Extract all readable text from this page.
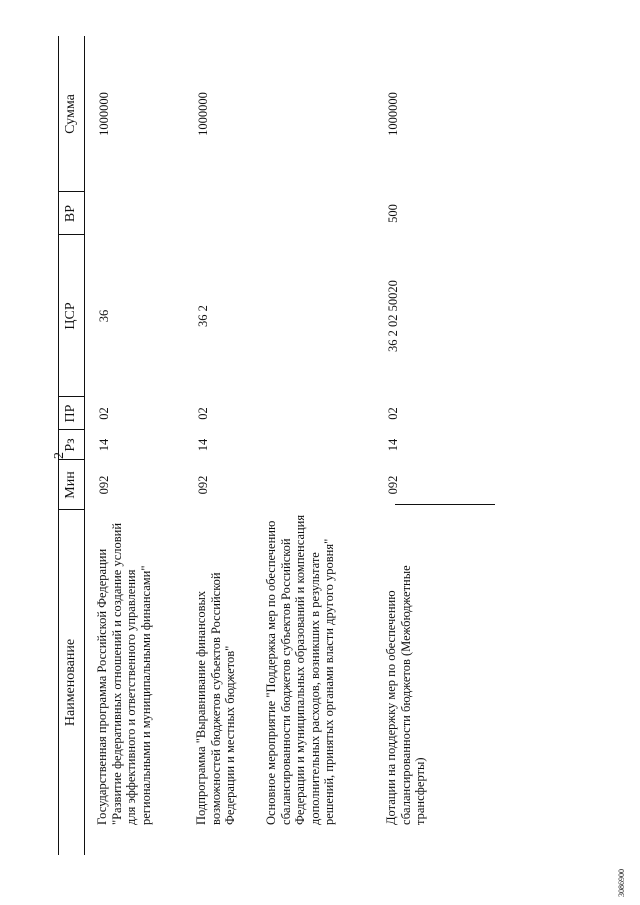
2
Наименование
Мин
Рз
ПР
ЦСР
ВР
Сумма
Государственная программа Российской Федерации "Развитие федеративных отношений и создание условий для эффективного и ответственного управления региональными и муниципальными финансами"
092
14
02
36
1000000
Подпрограмма "Выравнивание финансовых возможностей бюджетов субъектов Российской Федерации и местных бюджетов"
092
14
02
36 2
1000000
Основное мероприятие "Поддержка мер по обеспечению сбалансированности бюджетов субъектов Российской Федерации и муниципальных образований и компенсация дополнительных расходов, возникших в результате решений, принятых органами власти другого уровня"	Дотации на поддержку мер по обеспечению сбалансированности бюджетов (Межбюджетные трансферты)
092
14
02
36 2 02 50020
500
1000000
3086900
